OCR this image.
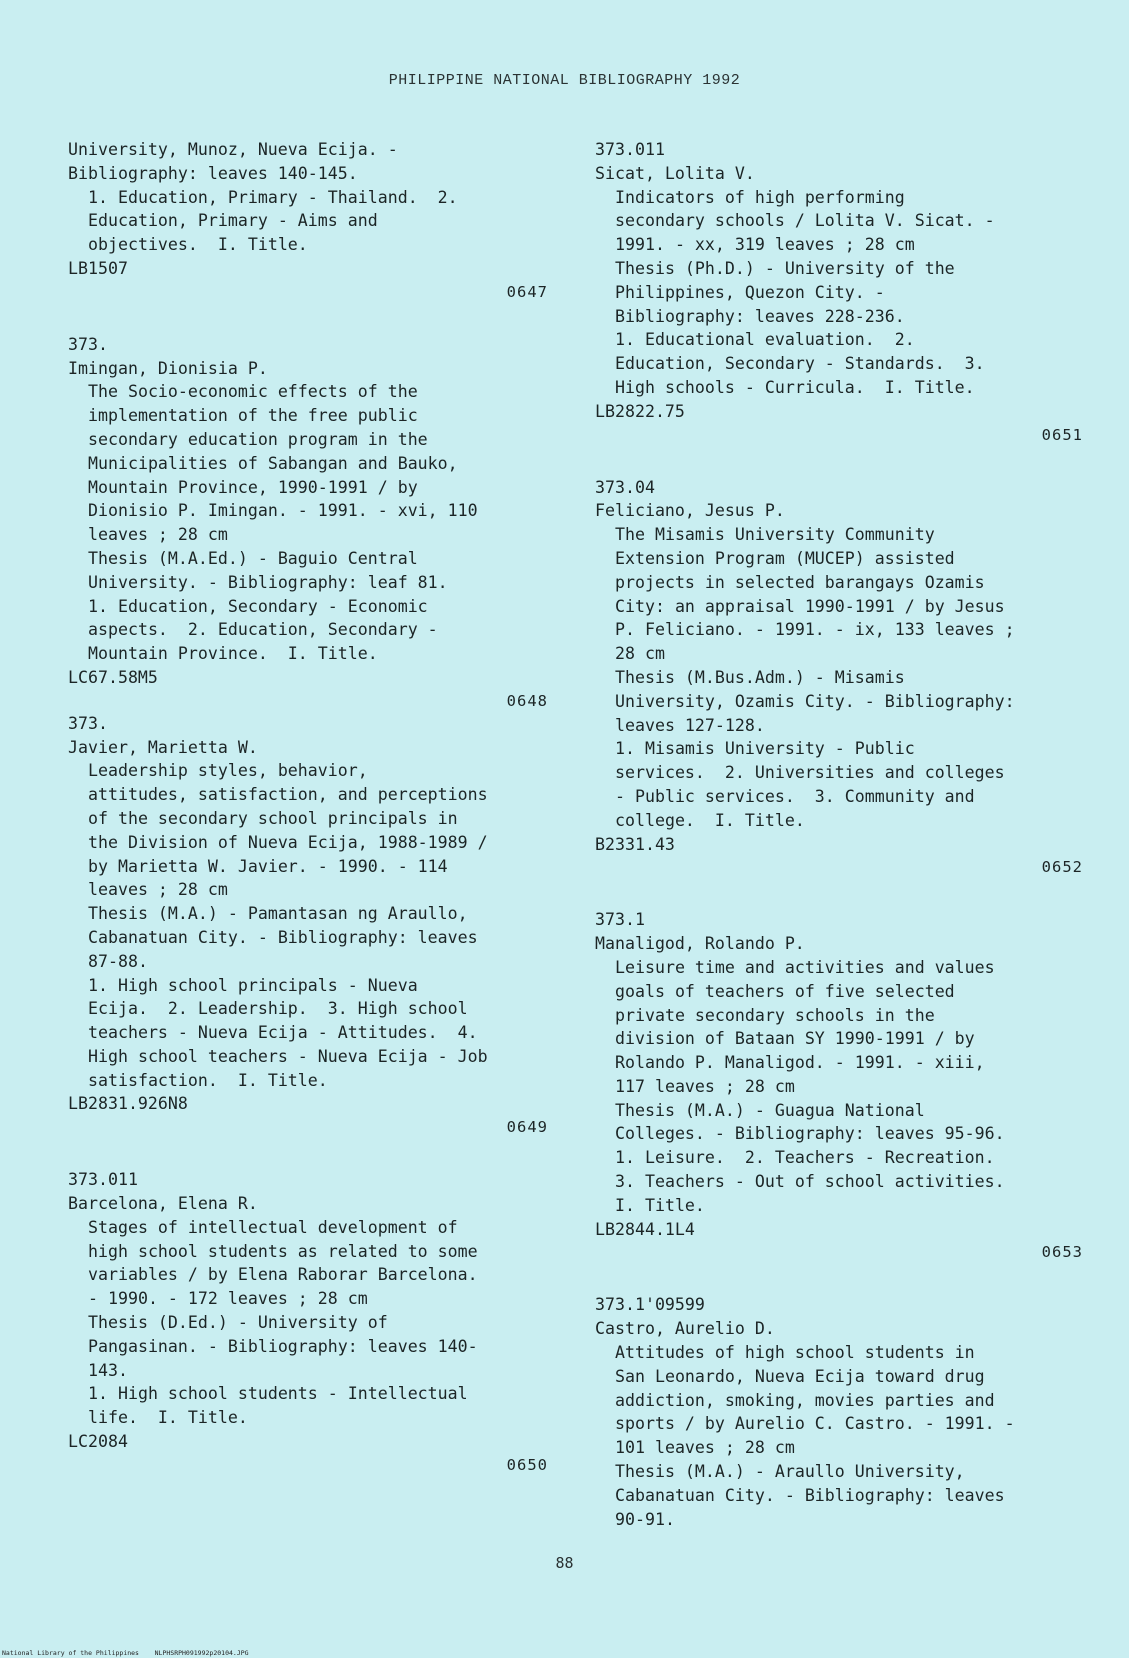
PHILIPPINE NATIONAL BIBLIOGRAPHY 1992

University, Munoz, Nueva Ecija. -
Bibliography: leaves 140-145.

1. Education, Primary - Thailand.  2.
Education, Primary - Aims and
objectives.  I. Title.

LB1507

0647

373.

Imingan, Dionisia P.

The Socio-economic effects of the
implementation of the free public
secondary education program in the
Municipalities of Sabangan and Bauko,
Mountain Province, 1990-1991 / by
Dionisio P. Imingan. - 1991. - xvi, 110
leaves ; 28 cm

Thesis (M.A.Ed.) - Baguio Central
University. - Bibliography: leaf 81.

1. Education, Secondary - Economic
aspects.  2. Education, Secondary -
Mountain Province.  I. Title.

LC67.58M5

0648

373.

Javier, Marietta W.

Leadership styles, behavior,
attitudes, satisfaction, and perceptions
of the secondary school principals in
the Division of Nueva Ecija, 1988-1989 /
by Marietta W. Javier. - 1990. - 114
leaves ; 28 cm

Thesis (M.A.) - Pamantasan ng Araullo,
Cabanatuan City. - Bibliography: leaves
87-88.

1. High school principals - Nueva
Ecija.  2. Leadership.  3. High school
teachers - Nueva Ecija - Attitudes.  4.
High school teachers - Nueva Ecija - Job
satisfaction.  I. Title.

LB2831.926N8

0649

373.011

Barcelona, Elena R.

Stages of intellectual development of
high school students as related to some
variables / by Elena Raborar Barcelona.
- 1990. - 172 leaves ; 28 cm

Thesis (D.Ed.) - University of
Pangasinan. - Bibliography: leaves 140-
143.

1. High school students - Intellectual
life.  I. Title.

LC2084

0650

373.011

Sicat, Lolita V.

Indicators of high performing
secondary schools / Lolita V. Sicat. -
1991. - xx, 319 leaves ; 28 cm

Thesis (Ph.D.) - University of the
Philippines, Quezon City. -
Bibliography: leaves 228-236.

1. Educational evaluation.  2.
Education, Secondary - Standards.  3.
High schools - Curricula.  I. Title.

LB2822.75

0651

373.04

Feliciano, Jesus P.

The Misamis University Community
Extension Program (MUCEP) assisted
projects in selected barangays Ozamis
City: an appraisal 1990-1991 / by Jesus
P. Feliciano. - 1991. - ix, 133 leaves ;
28 cm

Thesis (M.Bus.Adm.) - Misamis
University, Ozamis City. - Bibliography:
leaves 127-128.

1. Misamis University - Public
services.  2. Universities and colleges
- Public services.  3. Community and
college.  I. Title.

B2331.43

0652

373.1

Manaligod, Rolando P.

Leisure time and activities and values
goals of teachers of five selected
private secondary schools in the
division of Bataan SY 1990-1991 / by
Rolando P. Manaligod. - 1991. - xiii,
117 leaves ; 28 cm

Thesis (M.A.) - Guagua National
Colleges. - Bibliography: leaves 95-96.

1. Leisure.  2. Teachers - Recreation.
3. Teachers - Out of school activities.
I. Title.

LB2844.1L4

0653

373.1'09599

Castro, Aurelio D.

Attitudes of high school students in
San Leonardo, Nueva Ecija toward drug
addiction, smoking, movies parties and
sports / by Aurelio C. Castro. - 1991. -
101 leaves ; 28 cm

Thesis (M.A.) - Araullo University,
Cabanatuan City. - Bibliography: leaves
90-91.

88
National Library of the Philippines NLPHSRPH091992p20104.JPG
